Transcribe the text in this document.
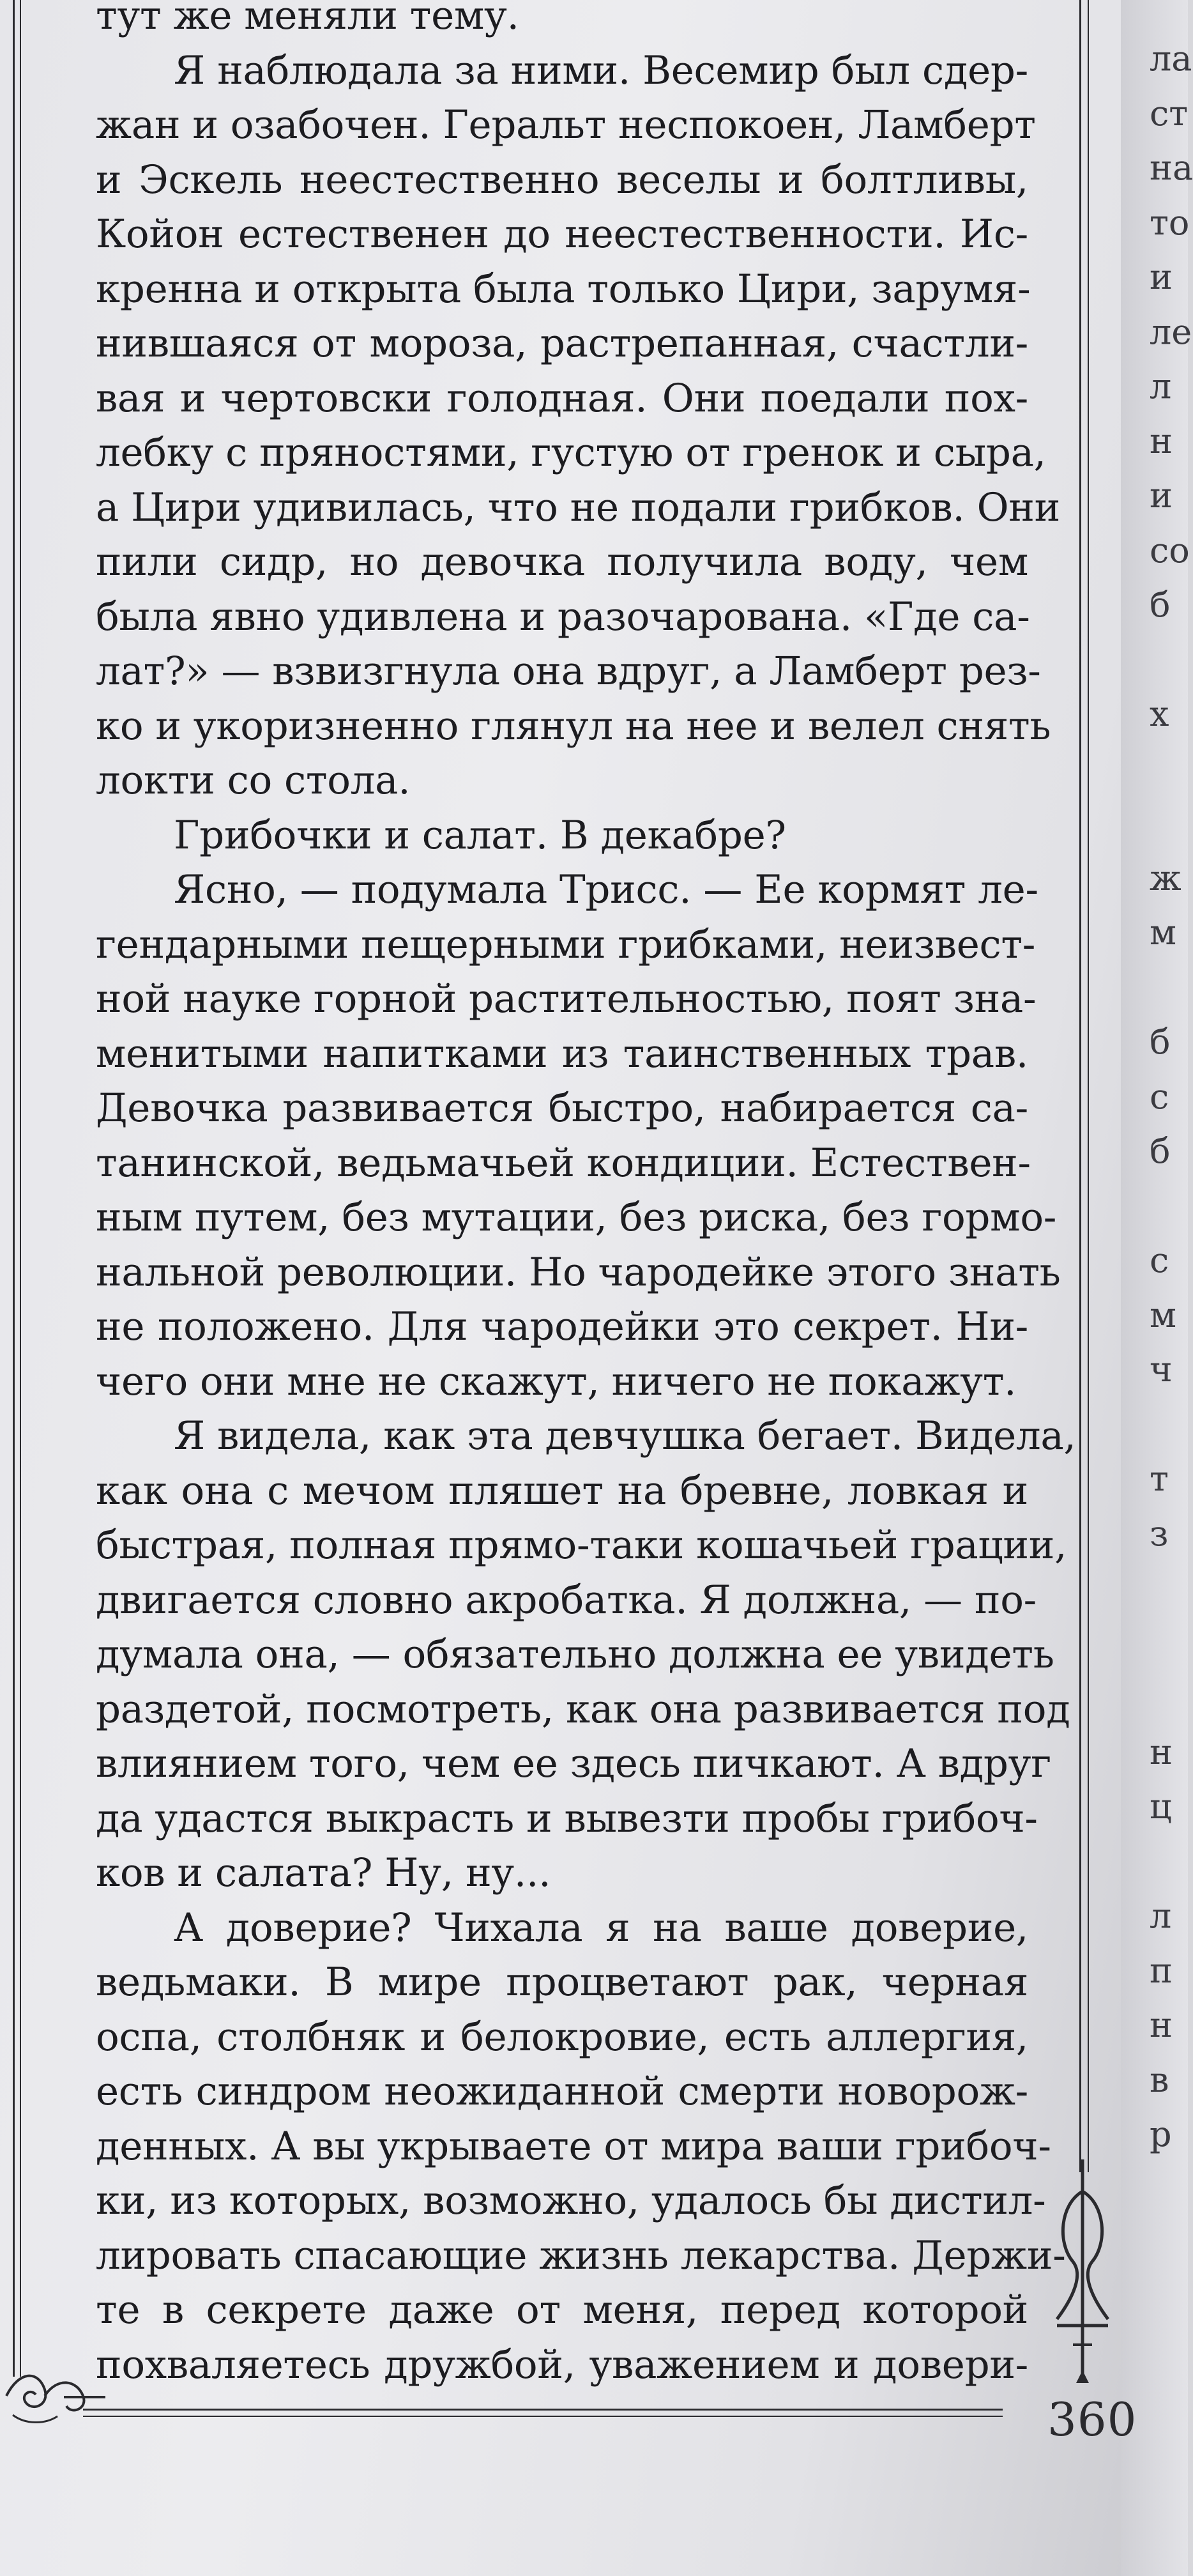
тут же меняли тему.
Я наблюдала за ними. Весемир был сдер-
жан и озабочен. Геральт неспокоен, Ламберт
и Эскель неестественно веселы и болтливы,
Койон естественен до неестественности. Ис-
кренна и открыта была только Цири, зарумя-
нившаяся от мороза, растрепанная, счастли-
вая и чертовски голодная. Они поедали пох-
лебку с пряностями, густую от гренок и сыра,
а Цири удивилась, что не подали грибков. Они
пили сидр, но девочка получила воду, чем
была явно удивлена и разочарована. «Где са-
лат?» — взвизгнула она вдруг, а Ламберт рез-
ко и укоризненно глянул на нее и велел снять
локти со стола.
Грибочки и салат. В декабре?
Ясно, — подумала Трисс. — Ее кормят ле-
гендарными пещерными грибками, неизвест-
ной науке горной растительностью, поят зна-
менитыми напитками из таинственных трав.
Девочка развивается быстро, набирается са-
танинской, ведьмачьей кондиции. Естествен-
ным путем, без мутации, без риска, без гормо-
нальной революции. Но чародейке этого знать
не положено. Для чародейки это секрет. Ни-
чего они мне не скажут, ничего не покажут.
Я видела, как эта девчушка бегает. Видела,
как она с мечом пляшет на бревне, ловкая и
быстрая, полная прямо-таки кошачьей грации,
двигается словно акробатка. Я должна, — по-
думала она, — обязательно должна ее увидеть
раздетой, посмотреть, как она развивается под
влиянием того, чем ее здесь пичкают. А вдруг
да удастся выкрасть и вывезти пробы грибоч-
ков и салата? Ну, ну...
А доверие? Чихала я на ваше доверие,
ведьмаки. В мире процветают рак, черная
оспа, столбняк и белокровие, есть аллергия,
есть синдром неожиданной смерти новорож-
денных. А вы укрываете от мира ваши грибоч-
ки, из которых, возможно, удалось бы дистил-
лировать спасающие жизнь лекарства. Держи-
те в секрете даже от меня, перед которой
похваляетесь дружбой, уважением и довери-
ла
ст
на
то
и
ле
л
н
и
со
б
х
ж
м
б
с
б
с
м
ч
т
з
н
ц
л
п
н
в
р
360
